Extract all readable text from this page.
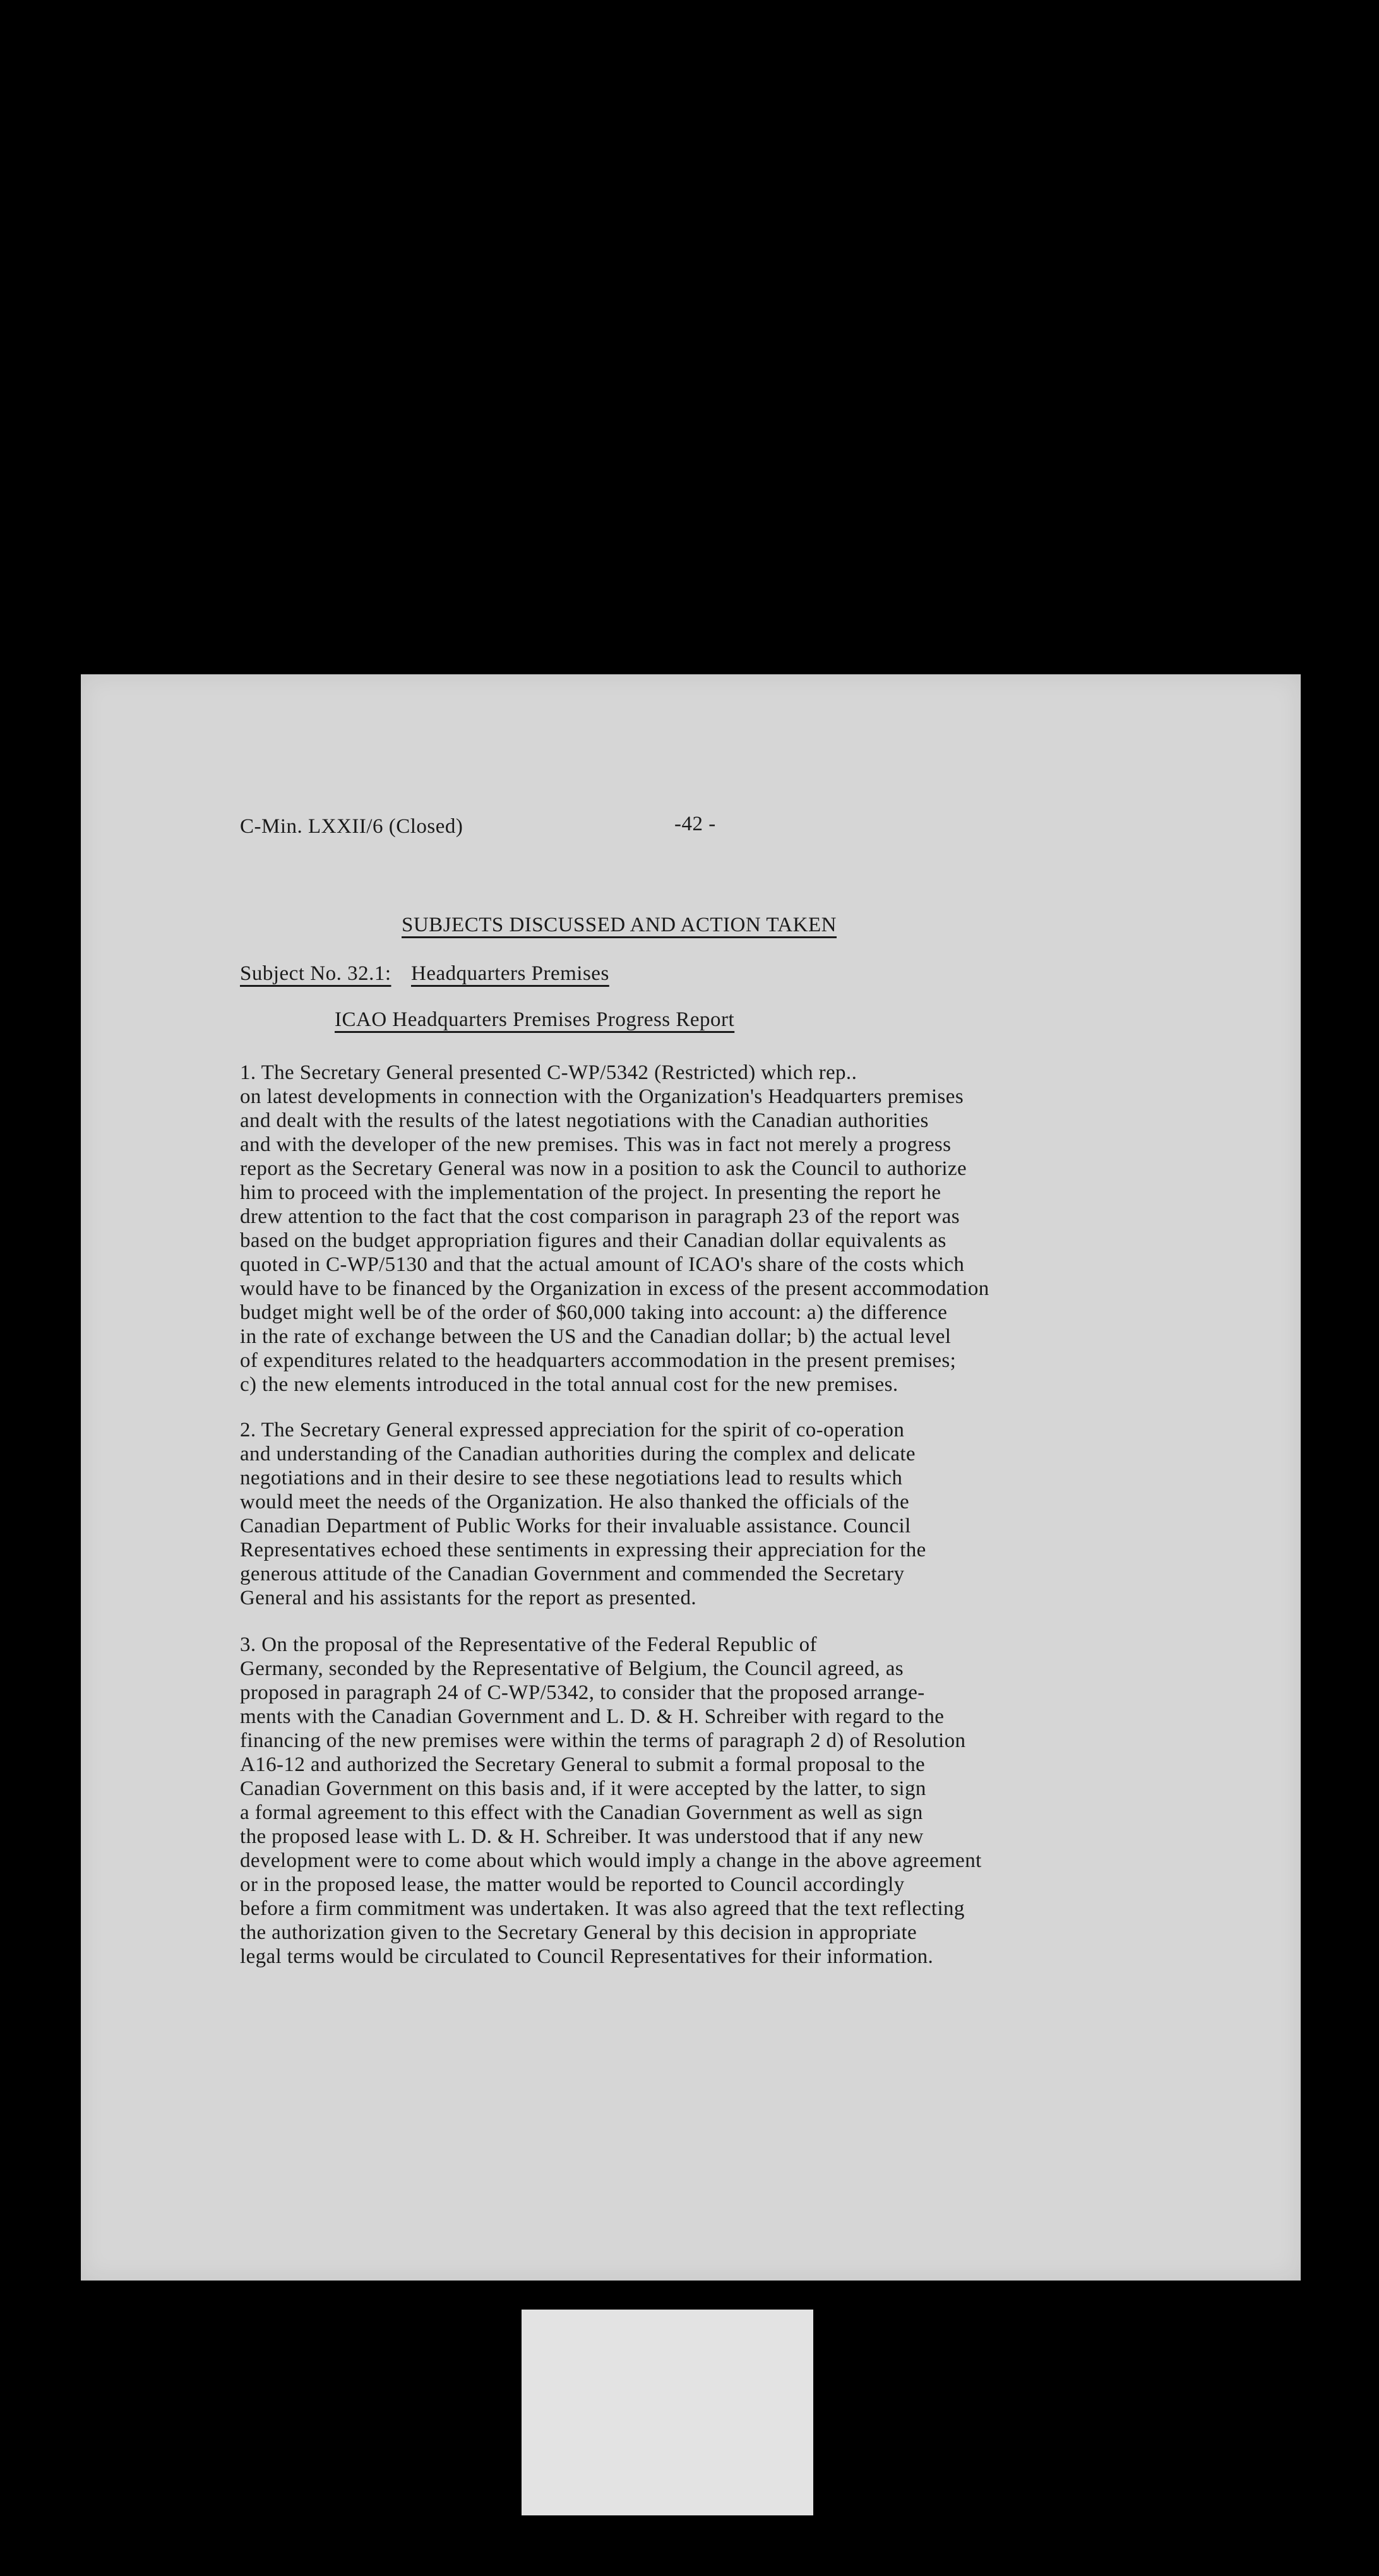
C-Min. LXXII/6 (Closed)	-42 -
SUBJECTS DISCUSSED AND ACTION TAKEN
Subject No. 32.1: Headquarters Premises
ICAO Headquarters Premises Progress Report
1. The Secretary General presented C-WP/5342 (Restricted) which rep..
on latest developments in connection with the Organization's Headquarters premises
and dealt with the results of the latest negotiations with the Canadian authorities
and with the developer of the new premises. This was in fact not merely a progress
report as the Secretary General was now in a position to ask the Council to authorize
him to proceed with the implementation of the project. In presenting the report he
drew attention to the fact that the cost comparison in paragraph 23 of the report was
based on the budget appropriation figures and their Canadian dollar equivalents as
quoted in C-WP/5130 and that the actual amount of ICAO's share of the costs which
would have to be financed by the Organization in excess of the present accommodation
budget might well be of the order of $60,000 taking into account: a) the difference
in the rate of exchange between the US and the Canadian dollar; b) the actual level
of expenditures related to the headquarters accommodation in the present premises;
c) the new elements introduced in the total annual cost for the new premises.
2. The Secretary General expressed appreciation for the spirit of co-operation
and understanding of the Canadian authorities during the complex and delicate
negotiations and in their desire to see these negotiations lead to results which
would meet the needs of the Organization. He also thanked the officials of the
Canadian Department of Public Works for their invaluable assistance. Council
Representatives echoed these sentiments in expressing their appreciation for the
generous attitude of the Canadian Government and commended the Secretary
General and his assistants for the report as presented.
3. On the proposal of the Representative of the Federal Republic of
Germany, seconded by the Representative of Belgium, the Council agreed, as
proposed in paragraph 24 of C-WP/5342, to consider that the proposed arrange-
ments with the Canadian Government and L. D. & H. Schreiber with regard to the
financing of the new premises were within the terms of paragraph 2 d) of Resolution
A16-12 and authorized the Secretary General to submit a formal proposal to the
Canadian Government on this basis and, if it were accepted by the latter, to sign
a formal agreement to this effect with the Canadian Government as well as sign
the proposed lease with L. D. & H. Schreiber. It was understood that if any new
development were to come about which would imply a change in the above agreement
or in the proposed lease, the matter would be reported to Council accordingly
before a firm commitment was undertaken. It was also agreed that the text reflecting
the authorization given to the Secretary General by this decision in appropriate
legal terms would be circulated to Council Representatives for their information.
